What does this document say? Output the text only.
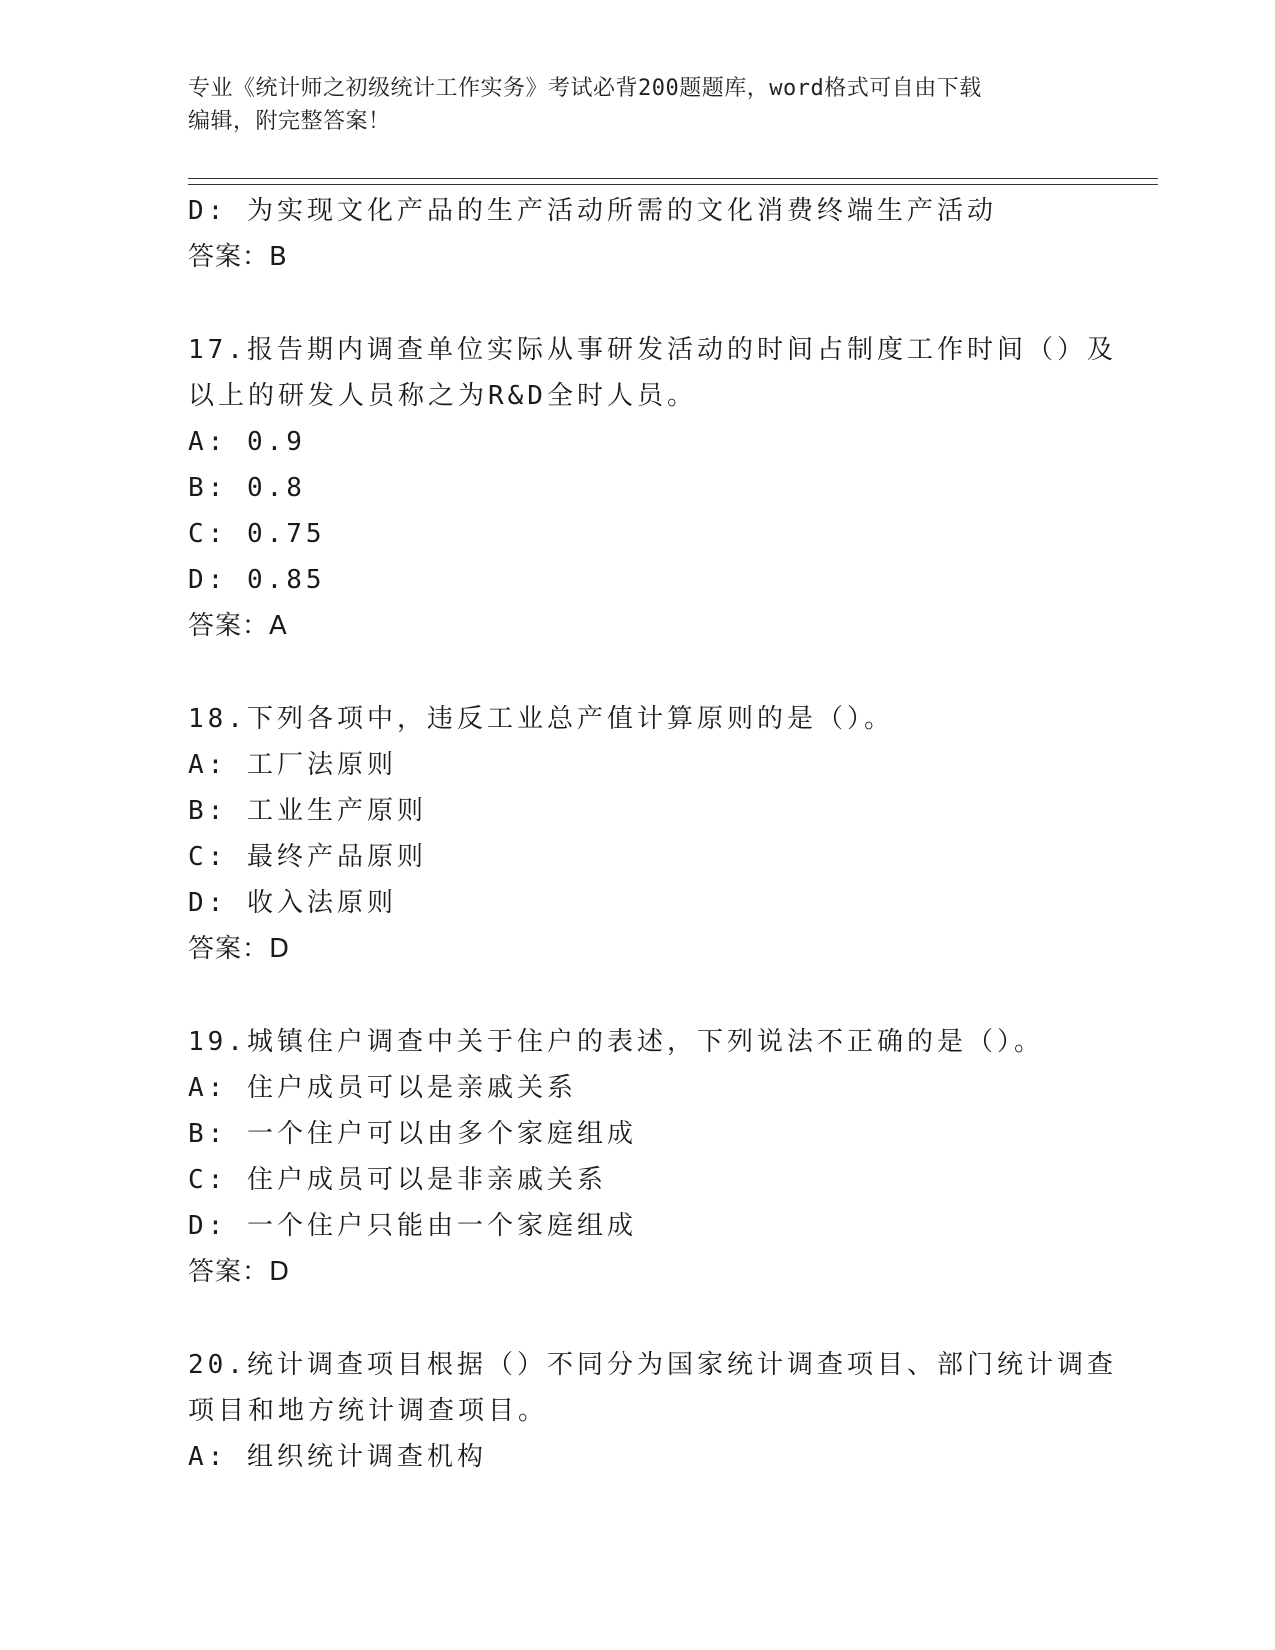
专业《统计师之初级统计工作实务》考试必背200题题库，word格式可自由下载
编辑，附完整答案！
D: 为实现文化产品的生产活动所需的文化消费终端生产活动
答案：B
17.报告期内调查单位实际从事研发活动的时间占制度工作时间（）及
以上的研发人员称之为R&D全时人员。
A: 0.9
B: 0.8
C: 0.75
D: 0.85
答案：A
18.下列各项中，违反工业总产值计算原则的是（）。
A: 工厂法原则
B: 工业生产原则
C: 最终产品原则
D: 收入法原则
答案：D
19.城镇住户调查中关于住户的表述，下列说法不正确的是（）。
A: 住户成员可以是亲戚关系
B: 一个住户可以由多个家庭组成
C: 住户成员可以是非亲戚关系
D: 一个住户只能由一个家庭组成
答案：D
20.统计调查项目根据（）不同分为国家统计调查项目、部门统计调查
项目和地方统计调查项目。
A: 组织统计调查机构
